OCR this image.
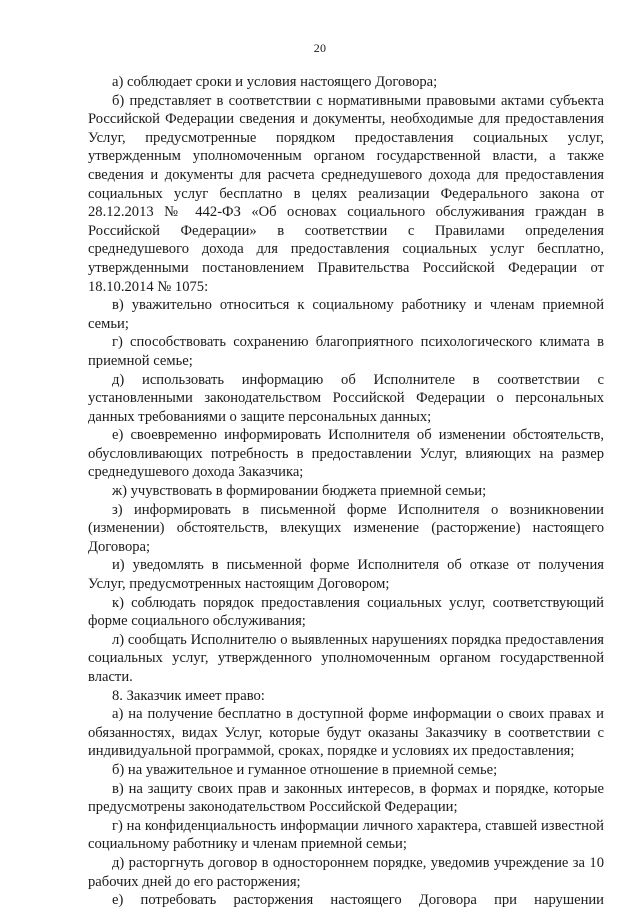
20

а) соблюдает сроки и условия настоящего Договора;

б) представляет в соответствии с нормативными правовыми актами субъекта Российской Федерации сведения и документы, необходимые для предоставления Услуг, предусмотренные порядком предоставления социальных услуг, утвержденным уполномоченным органом государственной власти, а также сведения и документы для расчета среднедушевого дохода для предоставления социальных услуг бесплатно в целях реализации Федерального закона от 28.12.2013 № 442-ФЗ «Об основах социального обслуживания граждан в Российской Федерации» в соответствии с Правилами определения среднедушевого дохода для предоставления социальных услуг бесплатно, утвержденными постановлением Правительства Российской Федерации от 18.10.2014 № 1075:

в) уважительно относиться к социальному работнику и членам приемной семьи;

г) способствовать сохранению благоприятного психологического климата в приемной семье;

д) использовать информацию об Исполнителе в соответствии с установленными законодательством Российской Федерации о персональных данных требованиями о защите персональных данных;

е) своевременно информировать Исполнителя об изменении обстоятельств, обусловливающих потребность в предоставлении Услуг, влияющих на размер среднедушевого дохода Заказчика;

ж) учувствовать в формировании бюджета приемной семьи;

з) информировать в письменной форме Исполнителя о возникновении (изменении) обстоятельств, влекущих изменение (расторжение) настоящего Договора;

и) уведомлять в письменной форме Исполнителя об отказе от получения Услуг, предусмотренных настоящим Договором;

к) соблюдать порядок предоставления социальных услуг, соответствующий форме социального обслуживания;

л) сообщать Исполнителю о выявленных нарушениях порядка предоставления социальных услуг, утвержденного уполномоченным органом государственной власти.

8. Заказчик имеет право:

а) на получение бесплатно в доступной форме информации о своих правах и обязанностях, видах Услуг, которые будут оказаны Заказчику в соответствии с индивидуальной программой, сроках, порядке и условиях их предоставления;

б) на уважительное и гуманное отношение в приемной семье;

в) на защиту своих прав и законных интересов, в формах и порядке, которые предусмотрены законодательством Российской Федерации;

г) на конфиденциальность информации личного характера, ставшей известной социальному работнику и членам приемной семьи;

д) расторгнуть договор в одностороннем порядке, уведомив учреждение за 10 рабочих дней до его расторжения;

е) потребовать расторжения настоящего Договора при нарушении
